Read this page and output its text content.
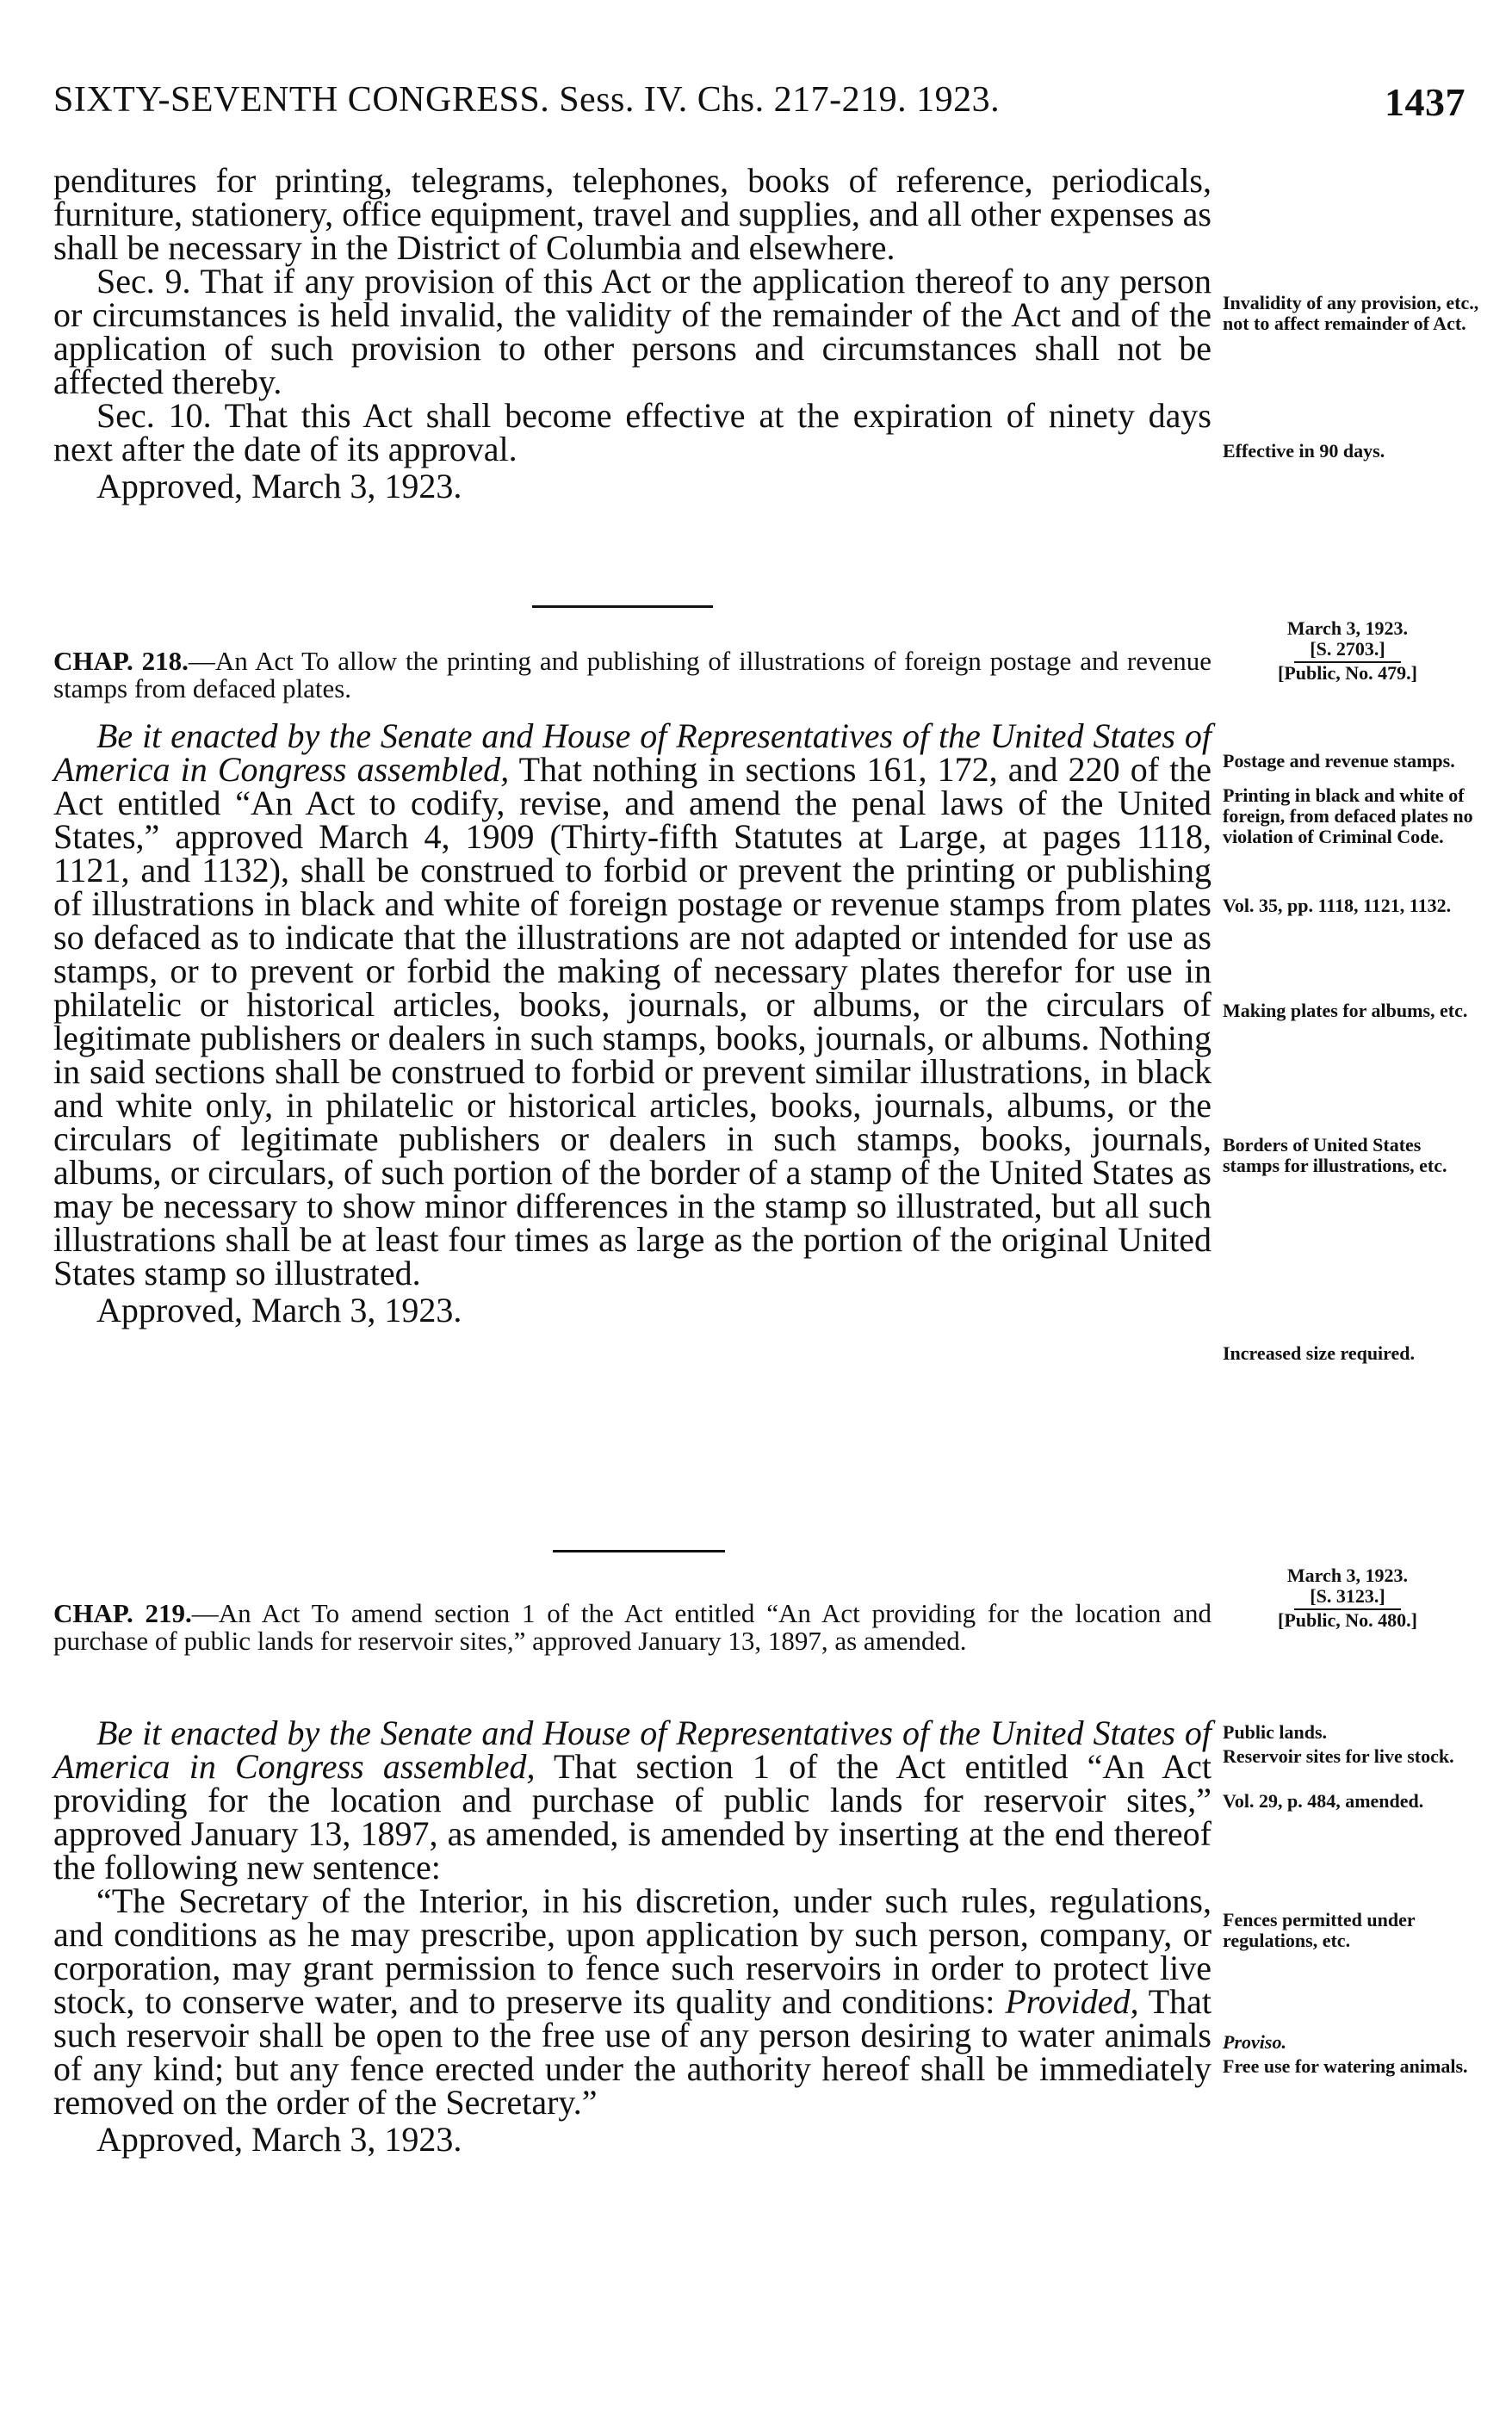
SIXTY-SEVENTH CONGRESS. Sess. IV. Chs. 217-219. 1923.	1437

penditures for printing, telegrams, telephones, books of reference, periodicals, furniture, stationery, office equipment, travel and supplies, and all other expenses as shall be necessary in the District of Columbia and elsewhere.

Sec. 9. That if any provision of this Act or the application thereof to any person or circumstances is held invalid, the validity of the remainder of the Act and of the application of such provision to other persons and circumstances shall not be affected thereby.

Sec. 10. That this Act shall become effective at the expiration of ninety days next after the date of its approval.

Approved, March 3, 1923.

Invalidity of any provision, etc., not to affect remainder of Act.
Effective in 90 days.
March 3, 1923.
[S. 2703.]
[Public, No. 479.]
CHAP. 218.—An Act To allow the printing and publishing of illustrations of foreign postage and revenue stamps from defaced plates.

Be it enacted by the Senate and House of Representatives of the United States of America in Congress assembled, That nothing in sections 161, 172, and 220 of the Act entitled “An Act to codify, revise, and amend the penal laws of the United States,” approved March 4, 1909 (Thirty-fifth Statutes at Large, at pages 1118, 1121, and 1132), shall be construed to forbid or prevent the printing or publishing of illustrations in black and white of foreign postage or revenue stamps from plates so defaced as to indicate that the illustrations are not adapted or intended for use as stamps, or to prevent or forbid the making of necessary plates therefor for use in philatelic or historical articles, books, journals, or albums, or the circulars of legitimate publishers or dealers in such stamps, books, journals, or albums. Nothing in said sections shall be construed to forbid or prevent similar illustrations, in black and white only, in philatelic or historical articles, books, journals, albums, or the circulars of legitimate publishers or dealers in such stamps, books, journals, albums, or circulars, of such portion of the border of a stamp of the United States as may be necessary to show minor differences in the stamp so illustrated, but all such illustrations shall be at least four times as large as the portion of the original United States stamp so illustrated.

Approved, March 3, 1923.

Postage and revenue stamps.
Printing in black and white of foreign, from defaced plates no violation of Criminal Code.
Vol. 35, pp. 1118, 1121, 1132.
Making plates for albums, etc.
Borders of United States stamps for illustrations, etc.
Increased size required.
March 3, 1923.
[S. 3123.]
[Public, No. 480.]
CHAP. 219.—An Act To amend section 1 of the Act entitled “An Act providing for the location and purchase of public lands for reservoir sites,” approved January 13, 1897, as amended.

Be it enacted by the Senate and House of Representatives of the United States of America in Congress assembled, That section 1 of the Act entitled “An Act providing for the location and purchase of public lands for reservoir sites,” approved January 13, 1897, as amended, is amended by inserting at the end thereof the following new sentence:

“The Secretary of the Interior, in his discretion, under such rules, regulations, and conditions as he may prescribe, upon application by such person, company, or corporation, may grant permission to fence such reservoirs in order to protect live stock, to conserve water, and to preserve its quality and conditions: Provided, That such reservoir shall be open to the free use of any person desiring to water animals of any kind; but any fence erected under the authority hereof shall be immediately removed on the order of the Secretary.”

Approved, March 3, 1923.

Public lands.
Reservoir sites for live stock.
Vol. 29, p. 484, amended.
Fences permitted under regulations, etc.
Proviso.
Free use for watering animals.
